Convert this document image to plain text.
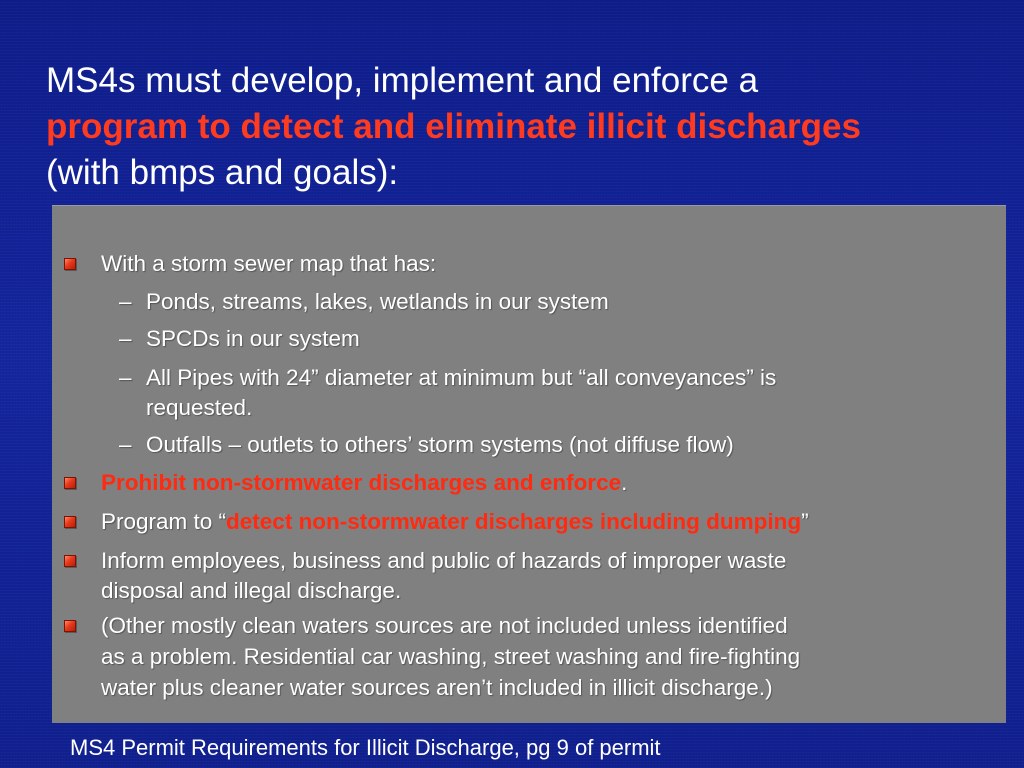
MS4s must develop, implement and enforce a
program to detect and eliminate illicit discharges
(with bmps and goals):
With a storm sewer map that has:
– Ponds, streams, lakes, wetlands in our system
– SPCDs in our system
– All Pipes with 24” diameter at minimum but “all conveyances” is
requested.
– Outfalls – outlets to others’ storm systems (not diffuse flow)
Prohibit non-stormwater discharges and enforce.
Program to “detect non-stormwater discharges including dumping”
Inform employees, business and public of hazards of improper waste
disposal and illegal discharge.
(Other mostly clean waters sources are not included unless identified
as a problem. Residential car washing, street washing and fire-fighting
water plus cleaner water sources aren’t included in illicit discharge.)
MS4 Permit Requirements for Illicit Discharge, pg 9 of permit
